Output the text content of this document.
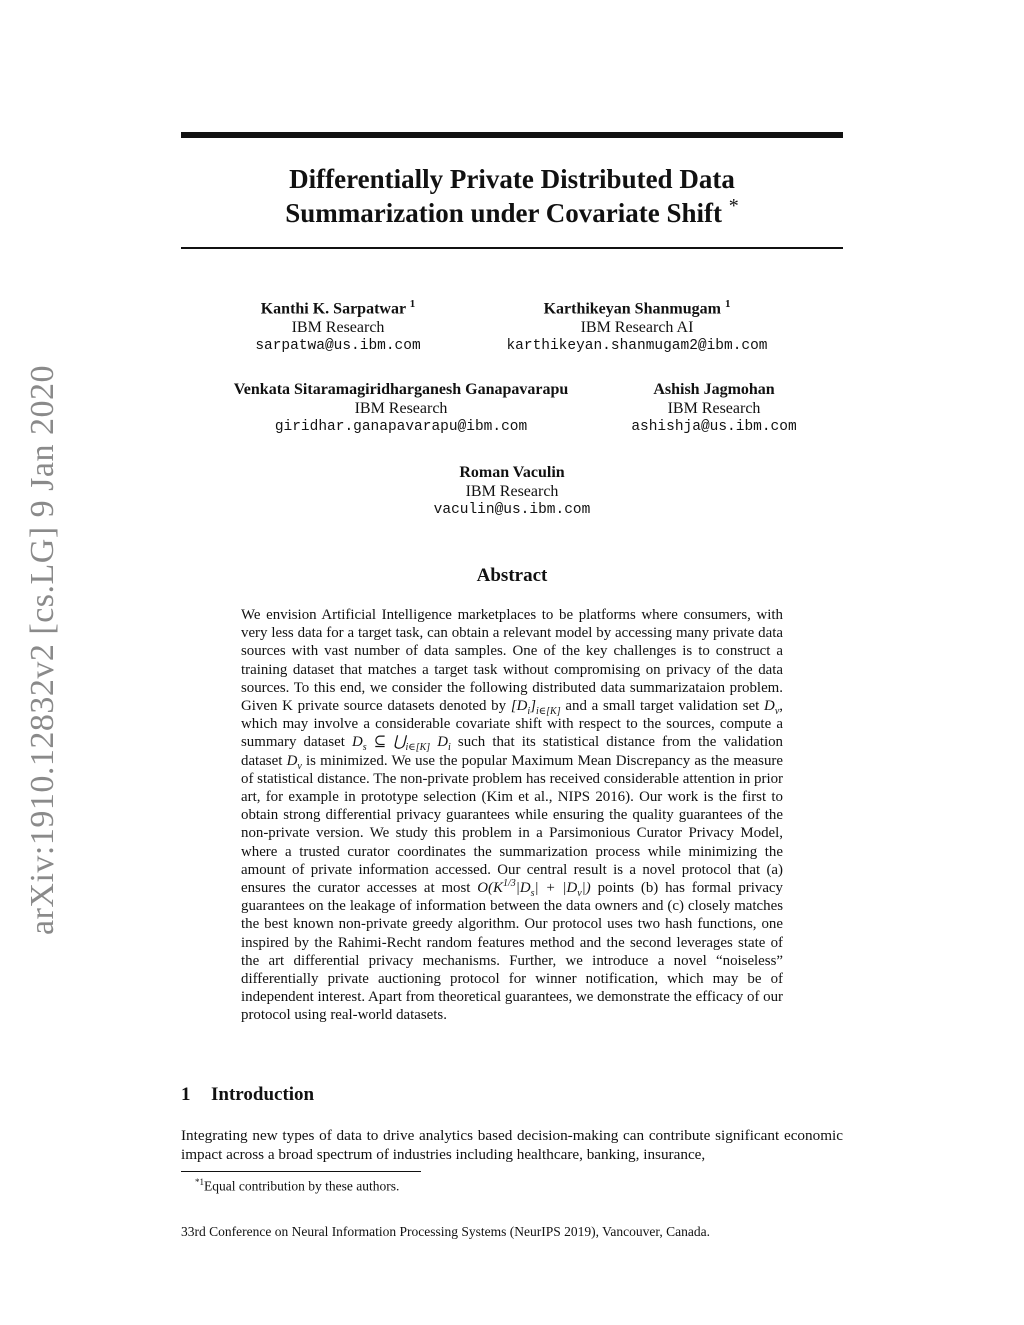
arXiv:1910.12832v2 [cs.LG] 9 Jan 2020
Differentially Private Distributed Data
Summarization under Covariate Shift *
Kanthi K. Sarpatwar $^1$
IBM Research
sarpatwa@us.ibm.com
Karthikeyan Shanmugam $^1$
IBM Research AI
karthikeyan.shanmugam2@ibm.com
Venkata Sitaramagiridharganesh Ganapavarapu
IBM Research
giridhar.ganapavarapu@ibm.com
Ashish Jagmohan
IBM Research
ashishja@us.ibm.com
Roman Vaculin
IBM Research
vaculin@us.ibm.com
Abstract
We envision Artificial Intelligence marketplaces to be platforms where consumers, with very less data for a target task, can obtain a relevant model by accessing many private data sources with vast number of data samples. One of the key challenges is to construct a training dataset that matches a target task without compromising on privacy of the data sources. To this end, we consider the following distributed data summarizataion problem. Given K private source datasets denoted by $[D_i]_{i\in[K]}$ and a small target validation set $D_v$, which may involve a considerable covariate shift with respect to the sources, compute a summary dataset $D_s$ ⊆ $⋃_{i\in[K]}$ $D_i$ such that its statistical distance from the validation dataset $D_v$ is minimized. We use the popular Maximum Mean Discrepancy as the measure of statistical distance. The non-private problem has received considerable attention in prior art, for example in prototype selection (Kim et al., NIPS 2016). Our work is the first to obtain strong differential privacy guarantees while ensuring the quality guarantees of the non-private version. We study this problem in a Parsimonious Curator Privacy Model, where a trusted curator coordinates the summarization process while minimizing the amount of private information accessed. Our central result is a novel protocol that (a) ensures the curator accesses at most $O(K^{1/3}|D_s| + |D_v|)$ points (b) has formal privacy guarantees on the leakage of information between the data owners and (c) closely matches the best known non-private greedy algorithm. Our protocol uses two hash functions, one inspired by the Rahimi-Recht random features method and the second leverages state of the art differential privacy mechanisms. Further, we introduce a novel “noiseless” differentially private auctioning protocol for winner notification, which may be of independent interest. Apart from theoretical guarantees, we demonstrate the efficacy of our protocol using real-world datasets.
1 Introduction
Integrating new types of data to drive analytics based decision-making can contribute significant economic impact across a broad spectrum of industries including healthcare, banking, insurance,
$^{*1}$Equal contribution by these authors.
33rd Conference on Neural Information Processing Systems (NeurIPS 2019), Vancouver, Canada.
